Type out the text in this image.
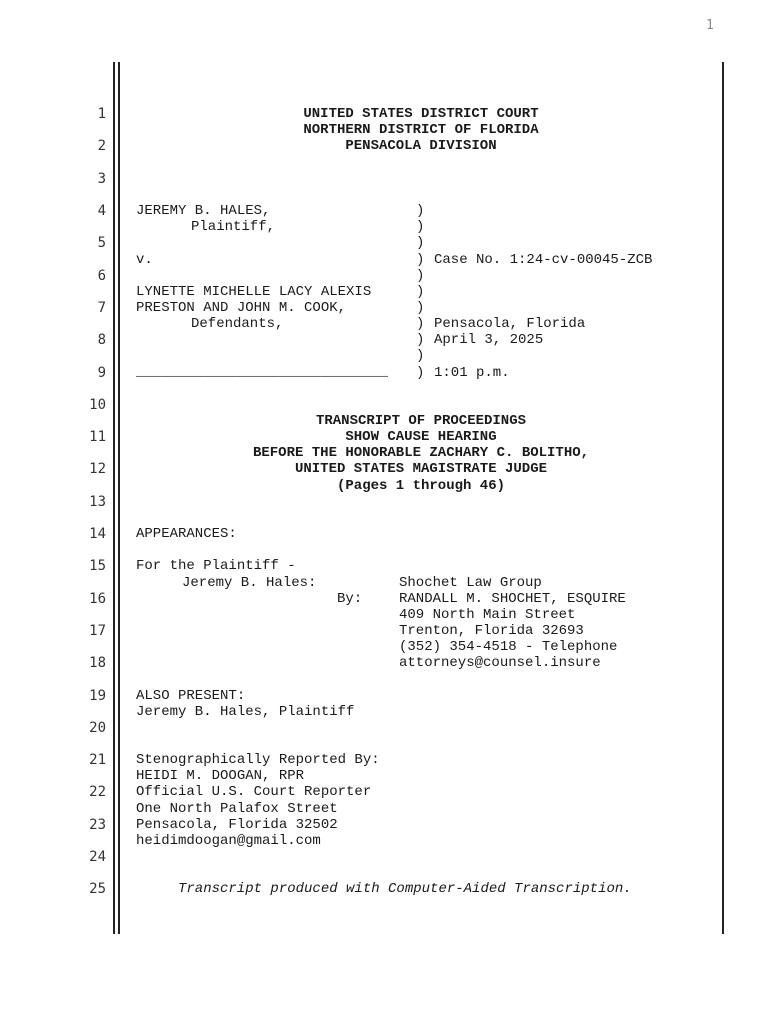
1
1
2
3
4
5
6
7
8
9
10
11
12
13
14
15
16
17
18
19
20
21
22
23
24
25
UNITED STATES DISTRICT COURT
NORTHERN DISTRICT OF FLORIDA
PENSACOLA DIVISION
JEREMY B. HALES,
Plaintiff,
v.
LYNETTE MICHELLE LACY ALEXIS
PRESTON AND JOHN M. COOK,
Defendants,
______________________________
)
)
)
)
)
)
)
)
)
)
)
Case No. 1:24-cv-00045-ZCB
Pensacola, Florida
April 3, 2025
1:01 p.m.
TRANSCRIPT OF PROCEEDINGS
SHOW CAUSE HEARING
BEFORE THE HONORABLE ZACHARY C. BOLITHO,
UNITED STATES MAGISTRATE JUDGE
(Pages 1 through 46)
APPEARANCES:
For the Plaintiff -
Jeremy B. Hales:
By:
Shochet Law Group
RANDALL M. SHOCHET, ESQUIRE
409 North Main Street
Trenton, Florida 32693
(352) 354-4518 - Telephone
attorneys@counsel.insure
ALSO PRESENT:
Jeremy B. Hales, Plaintiff
Stenographically Reported By:
HEIDI M. DOOGAN, RPR
Official U.S. Court Reporter
One North Palafox Street
Pensacola, Florida 32502
heidimdoogan@gmail.com
Transcript produced with Computer-Aided Transcription.
